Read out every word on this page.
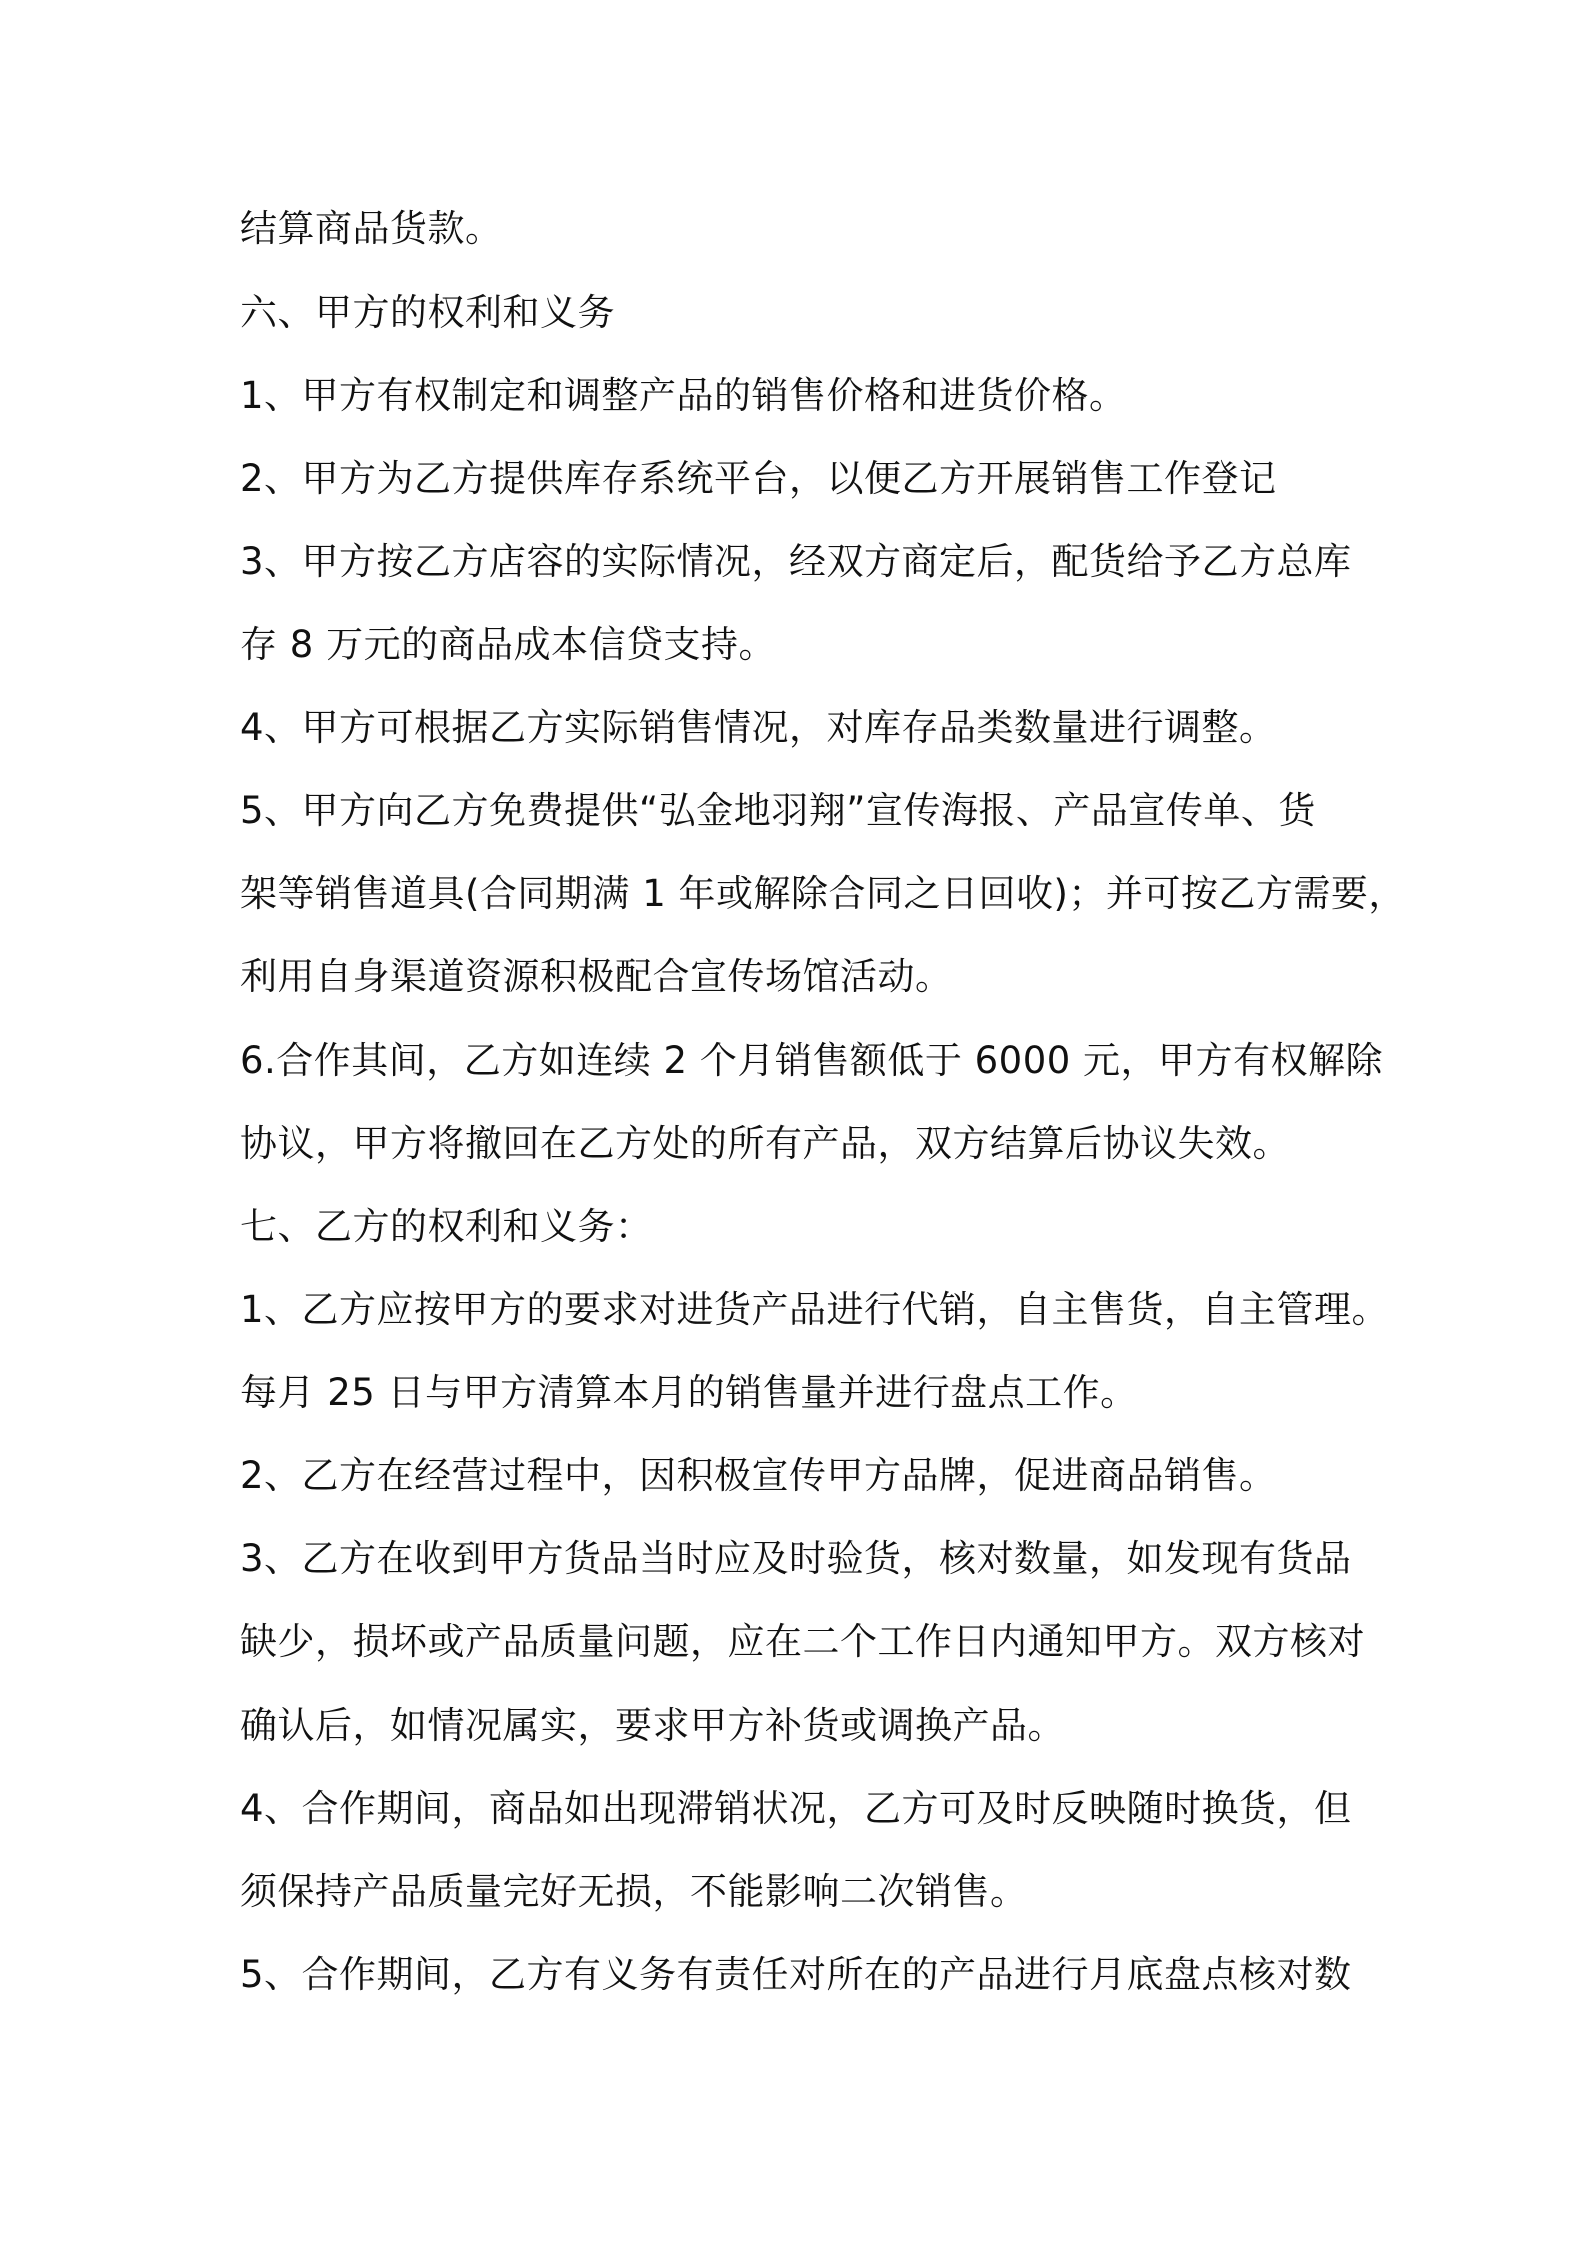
结算商品货款。

六、甲方的权利和义务

1、甲方有权制定和调整产品的销售价格和进货价格。

2、甲方为乙方提供库存系统平台，以便乙方开展销售工作登记

3、甲方按乙方店容的实际情况，经双方商定后，配货给予乙方总库

存 8 万元的商品成本信贷支持。

4、甲方可根据乙方实际销售情况，对库存品类数量进行调整。

5、甲方向乙方免费提供“弘金地羽翔”宣传海报、产品宣传单、货

架等销售道具(合同期满 1 年或解除合同之日回收)；并可按乙方需要，

利用自身渠道资源积极配合宣传场馆活动。

6.合作其间，乙方如连续 2 个月销售额低于 6000 元，甲方有权解除

协议，甲方将撤回在乙方处的所有产品，双方结算后协议失效。

七、乙方的权利和义务：

1、乙方应按甲方的要求对进货产品进行代销，自主售货，自主管理。

每月 25 日与甲方清算本月的销售量并进行盘点工作。

2、乙方在经营过程中，因积极宣传甲方品牌，促进商品销售。

3、乙方在收到甲方货品当时应及时验货，核对数量，如发现有货品

缺少，损坏或产品质量问题，应在二个工作日内通知甲方。双方核对

确认后，如情况属实，要求甲方补货或调换产品。

4、合作期间，商品如出现滞销状况，乙方可及时反映随时换货，但

须保持产品质量完好无损，不能影响二次销售。

5、合作期间，乙方有义务有责任对所在的产品进行月底盘点核对数
